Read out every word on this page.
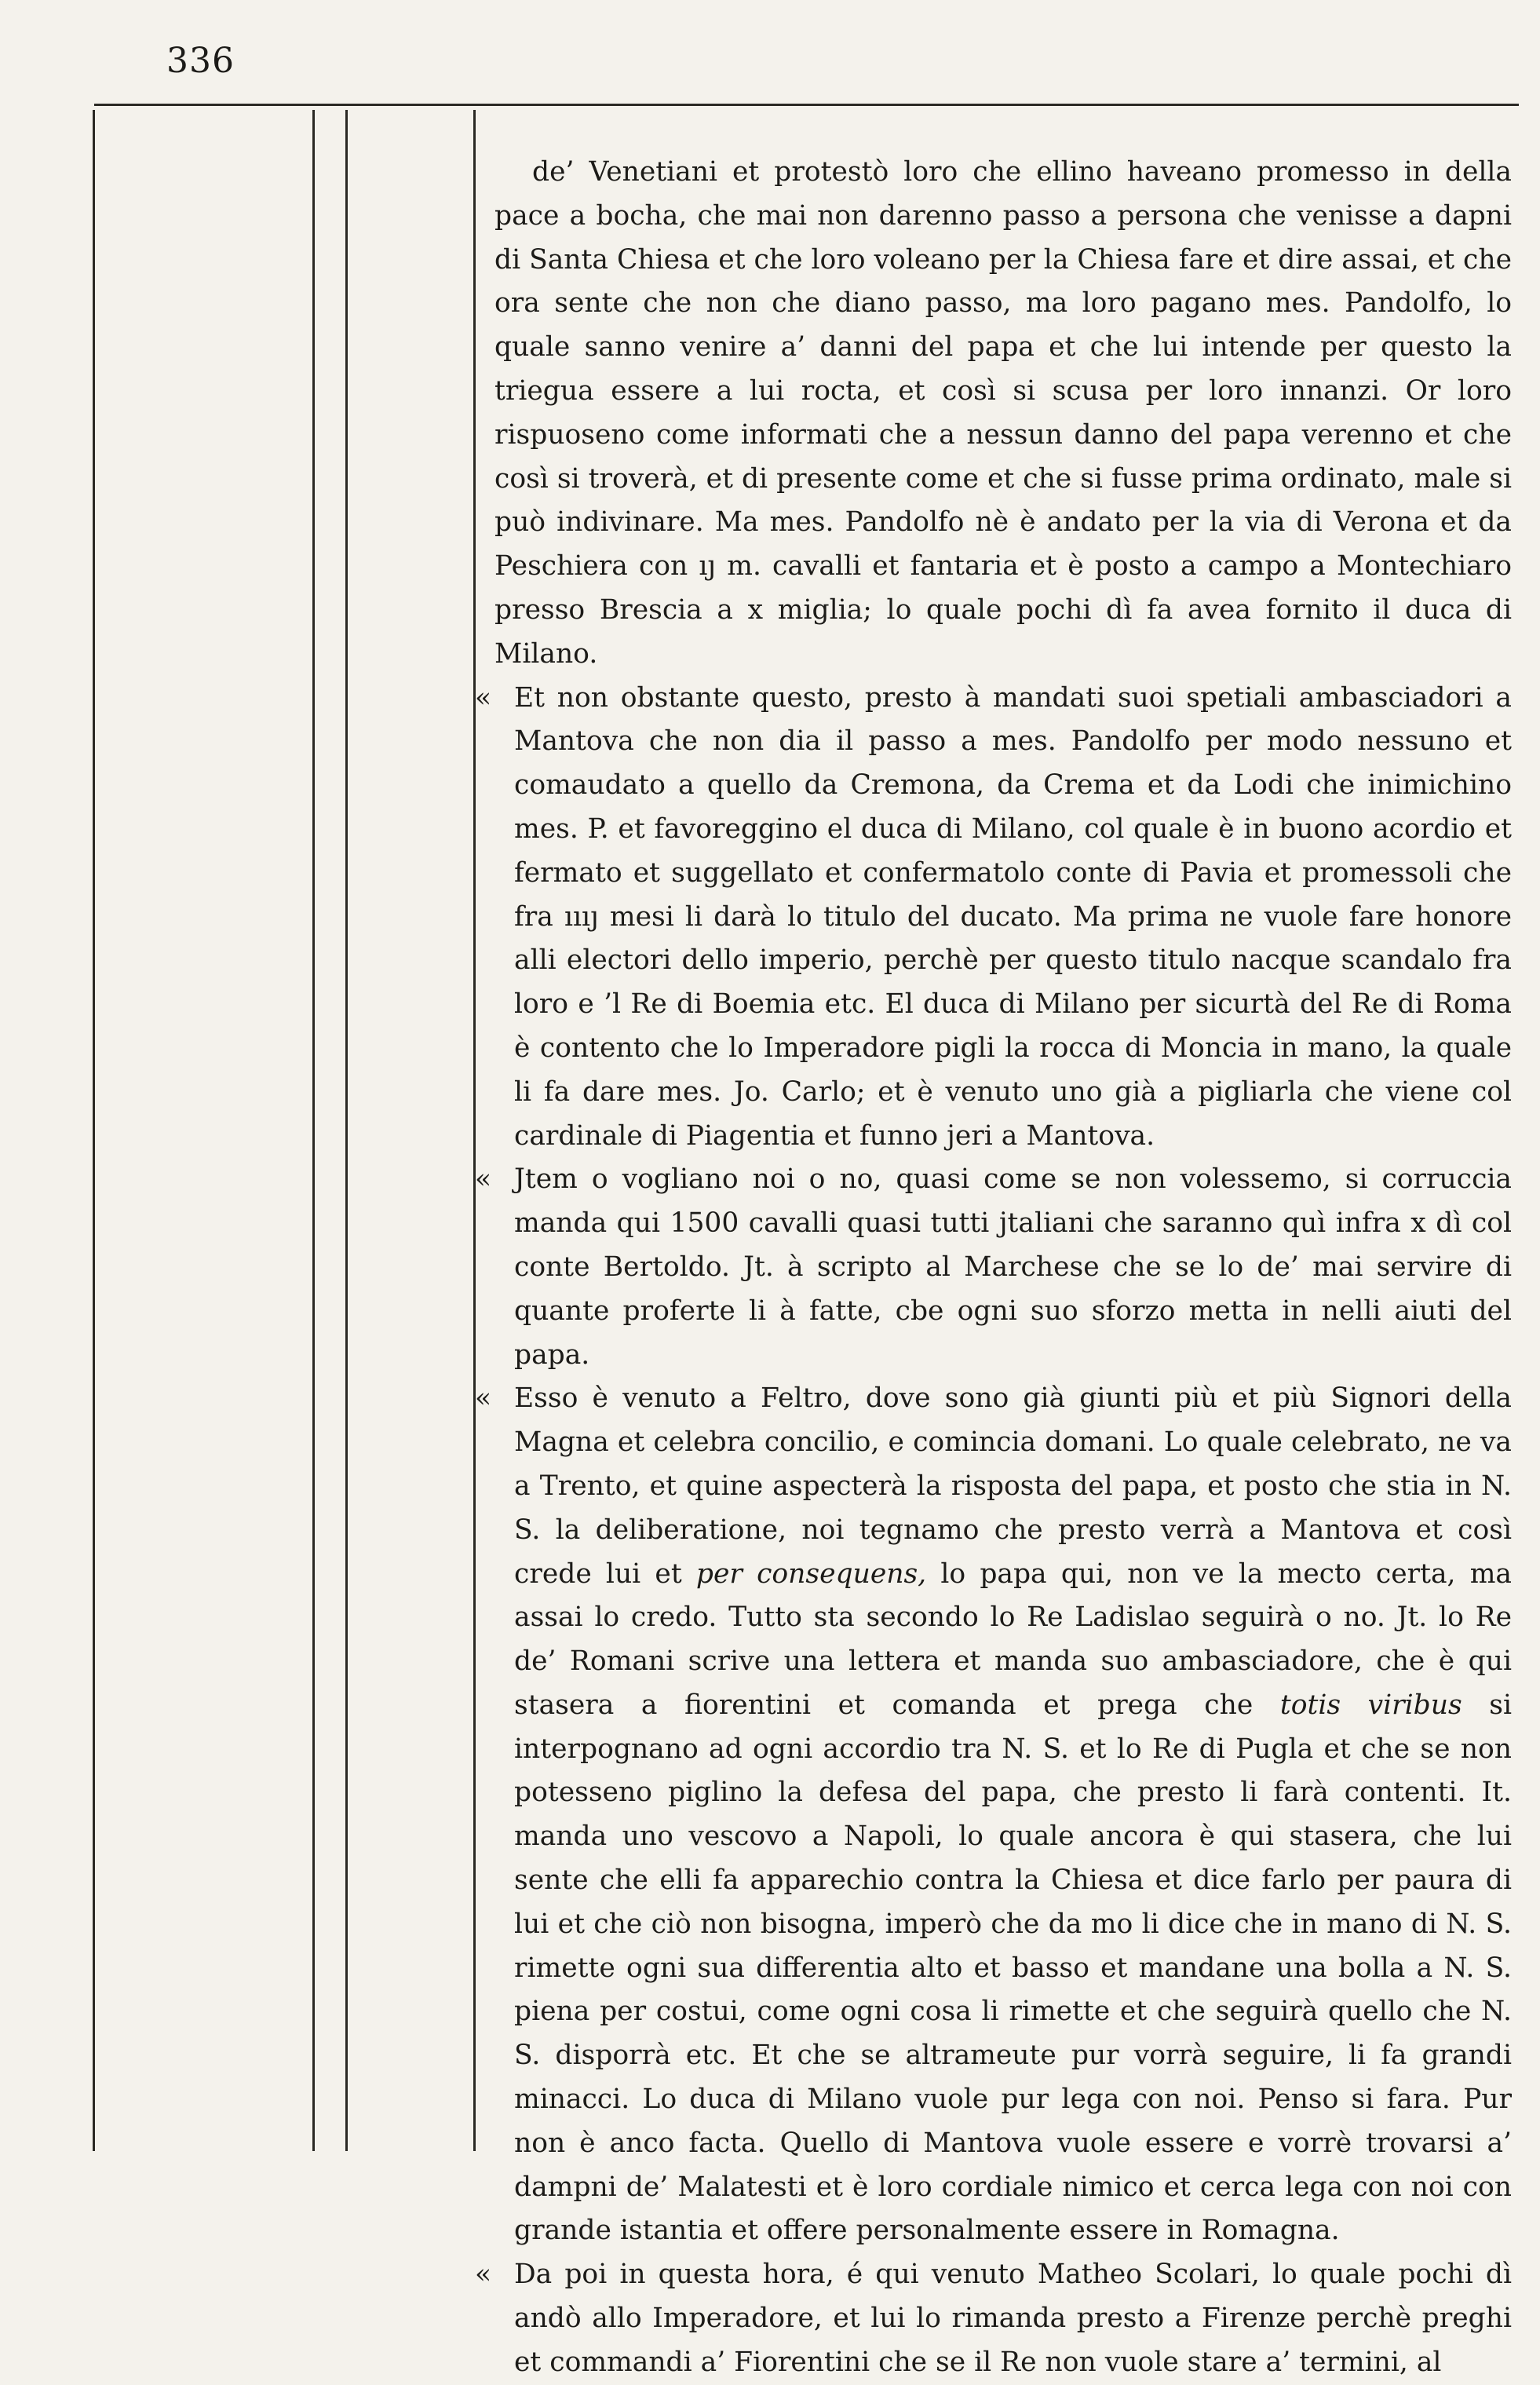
336

de’ Venetiani et protestò loro che ellino haveano promesso in della pace a bocha, che mai non darenno passo a persona che venisse a dapni di Santa Chiesa et che loro voleano per la Chiesa fare et dire assai, et che ora sente che non che diano passo, ma loro pagano mes. Pandolfo, lo quale sanno venire a’ danni del papa et che lui intende per questo la triegua essere a lui rocta, et così si scusa per loro innanzi. Or loro rispuoseno come informati che a nessun danno del papa verenno et che così si troverà, et di presente come et che si fusse prima ordinato, male si può indivinare. Ma mes. Pandolfo nè è andato per la via di Verona et da Peschiera con ıȷ m. cavalli et fantaria et è posto a campo a Montechiaro presso Brescia a x miglia; lo quale pochi dì fa avea fornito il duca di Milano.

« Et non obstante questo, presto à mandati suoi spetiali ambasciadori a Mantova che non dia il passo a mes. Pandolfo per modo nessuno et comaudato a quello da Cremona, da Crema et da Lodi che inimichino mes. P. et favoreggino el duca di Milano, col quale è in buono acordio et fermato et suggellato et confermatolo conte di Pavia et promessoli che fra ıııȷ mesi li darà lo titulo del ducato. Ma prima ne vuole fare honore alli electori dello imperio, perchè per questo titulo nacque scandalo fra loro e ’l Re di Boemia etc. El duca di Milano per sicurtà del Re di Roma è contento che lo Imperadore pigli la rocca di Moncia in mano, la quale li fa dare mes. Jo. Carlo; et è venuto uno già a pigliarla che viene col cardinale di Piagentia et funno jeri a Mantova.

« Jtem o vogliano noi o no, quasi come se non volessemo, si corruccia manda qui 1500 cavalli quasi tutti jtaliani che saranno quì infra x dì col conte Bertoldo. Jt. à scripto al Marchese che se lo de’ mai servire di quante proferte li à fatte, cbe ogni suo sforzo metta in nelli aiuti del papa.

« Esso è venuto a Feltro, dove sono già giunti più et più Signori della Magna et celebra concilio, e comincia domani. Lo quale celebrato, ne va a Trento, et quine aspecterà la risposta del papa, et posto che stia in N. S. la deliberatione, noi tegnamo che presto verrà a Mantova et così crede lui et per consequens, lo papa qui, non ve la mecto certa, ma assai lo credo. Tutto sta secondo lo Re Ladislao seguirà o no. Jt. lo Re de’ Romani scrive una lettera et manda suo ambasciadore, che è qui stasera a fiorentini et comanda et prega che totis viribus si interpognano ad ogni accordio tra N. S. et lo Re di Pugla et che se non potesseno piglino la defesa del papa, che presto li farà contenti. It. manda uno vescovo a Napoli, lo quale ancora è qui stasera, che lui sente che elli fa apparechio contra la Chiesa et dice farlo per paura di lui et che ciò non bisogna, imperò che da mo li dice che in mano di N. S. rimette ogni sua differentia alto et basso et mandane una bolla a N. S. piena per costui, come ogni cosa li rimette et che seguirà quello che N. S. disporrà etc. Et che se altrameute pur vorrà seguire, li fa grandi minacci. Lo duca di Milano vuole pur lega con noi. Penso si fara. Pur non è anco facta. Quello di Mantova vuole essere e vorrè trovarsi a’ dampni de’ Malatesti et è loro cordiale nimico et cerca lega con noi con grande istantia et offere personalmente essere in Romagna.

« Da poi in questa hora, é qui venuto Matheo Scolari, lo quale pochi dì andò allo Imperadore, et lui lo rimanda presto a Firenze perchè preghi et commandi a’ Fiorentini che se il Re non vuole stare a’ termini, al
